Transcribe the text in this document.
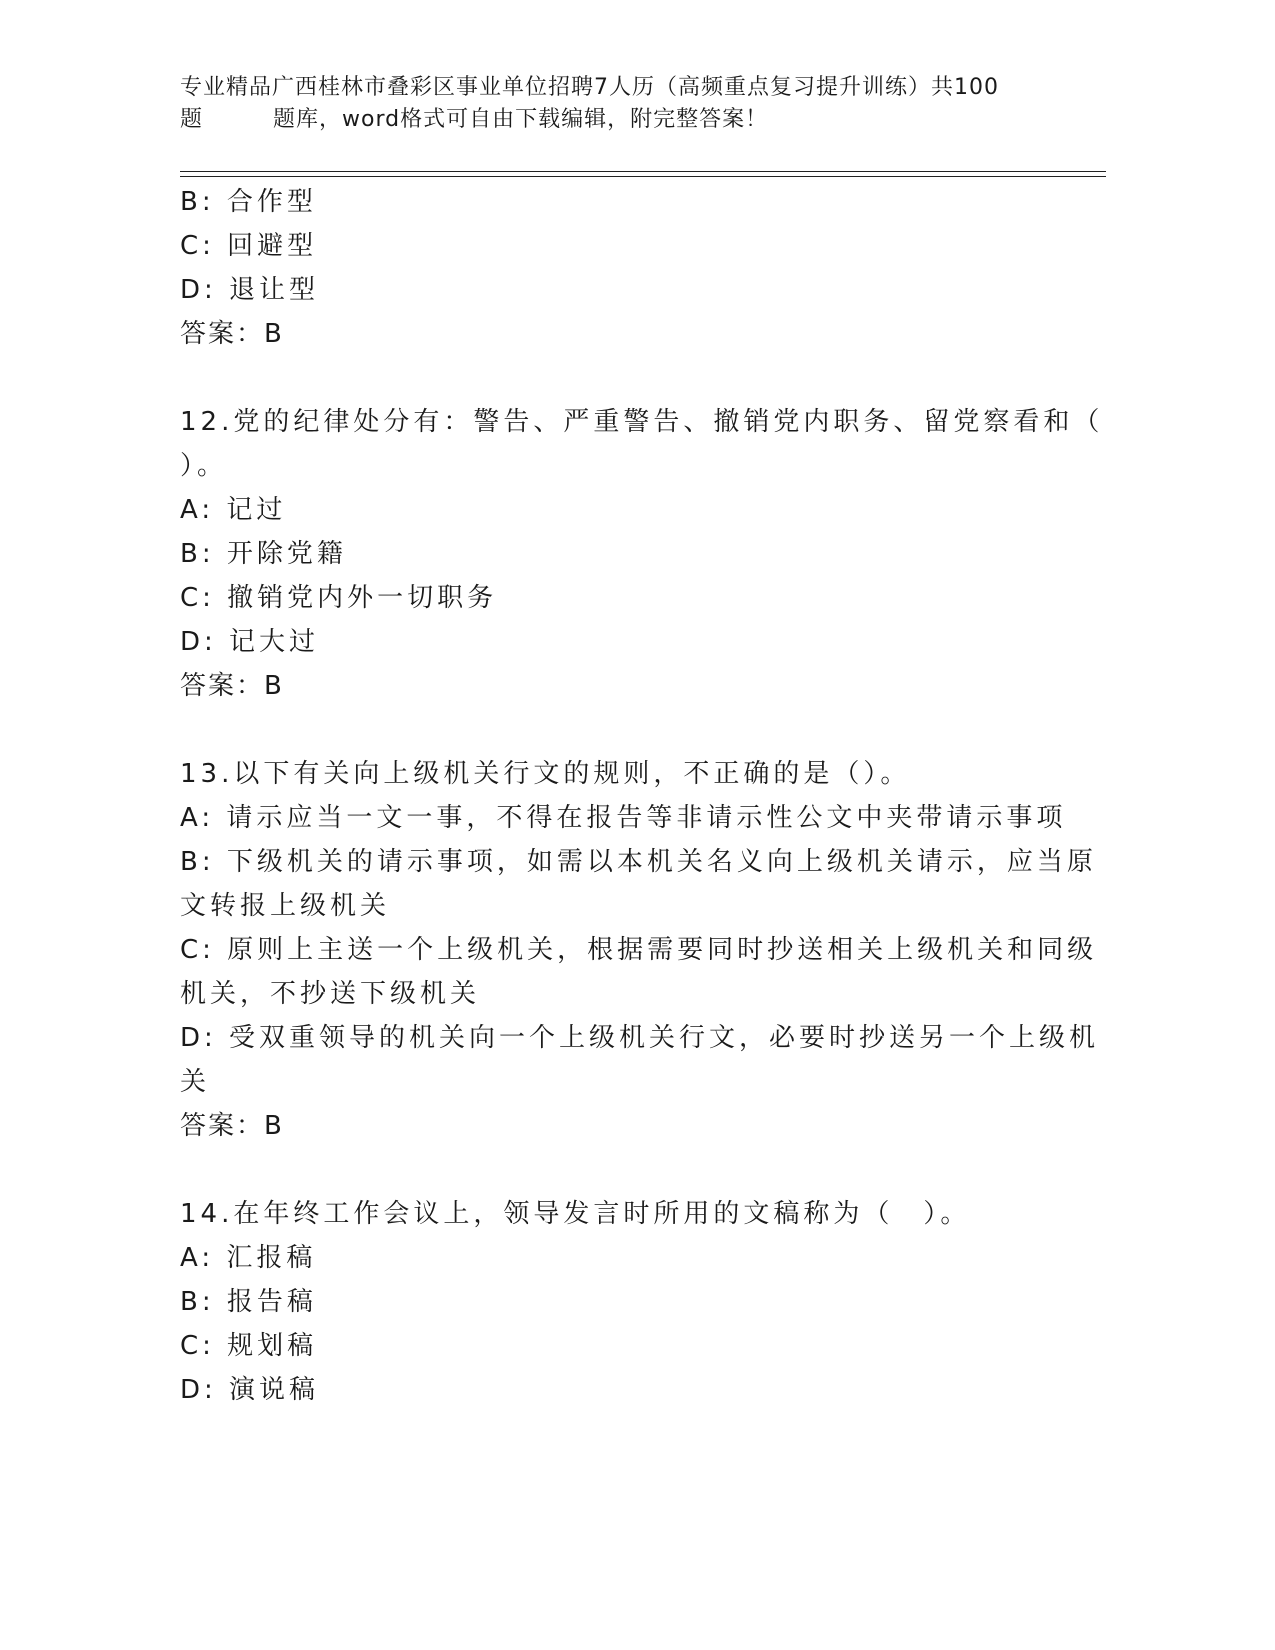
专业精品广西桂林市叠彩区事业单位招聘7人历（高频重点复习提升训练）共100
题	题库，word格式可自由下载编辑，附完整答案！
B: 合作型
C: 回避型
D: 退让型
答案：B
12.党的纪律处分有：警告、严重警告、撤销党内职务、留党察看和（
）。
A: 记过
B: 开除党籍
C: 撤销党内外一切职务
D: 记大过
答案：B
13.以下有关向上级机关行文的规则，不正确的是（）。
A: 请示应当一文一事，不得在报告等非请示性公文中夹带请示事项
B: 下级机关的请示事项，如需以本机关名义向上级机关请示，应当原
文转报上级机关
C: 原则上主送一个上级机关，根据需要同时抄送相关上级机关和同级
机关，不抄送下级机关
D: 受双重领导的机关向一个上级机关行文，必要时抄送另一个上级机
关
答案：B
14.在年终工作会议上，领导发言时所用的文稿称为（　）。
A: 汇报稿
B: 报告稿
C: 规划稿
D: 演说稿
